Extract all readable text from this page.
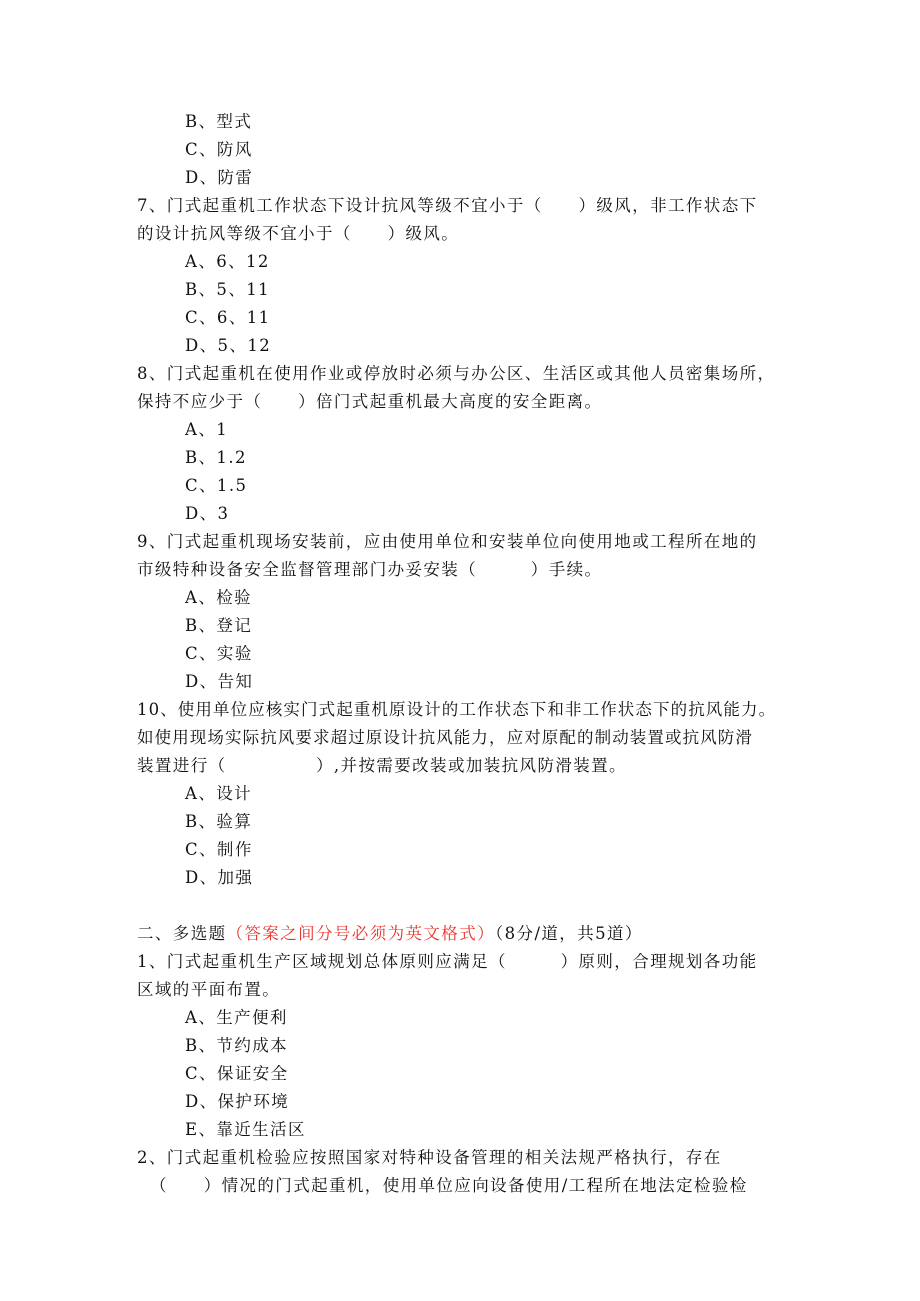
B、型式
C、防风
D、防雷
7、门式起重机工作状态下设计抗风等级不宜小于（　　）级风，非工作状态下
的设计抗风等级不宜小于（　　）级风。
A、6、12
B、5、11
C、6、11
D、5、12
8、门式起重机在使用作业或停放时必须与办公区、生活区或其他人员密集场所，
保持不应少于（　　）倍门式起重机最大高度的安全距离。
A、1
B、1.2
C、1.5
D、3
9、门式起重机现场安装前，应由使用单位和安装单位向使用地或工程所在地的
市级特种设备安全监督管理部门办妥安装（　　　）手续。
A、检验
B、登记
C、实验
D、告知
10、使用单位应核实门式起重机原设计的工作状态下和非工作状态下的抗风能力。
如使用现场实际抗风要求超过原设计抗风能力，应对原配的制动装置或抗风防滑
装置进行（　　　　　）,并按需要改装或加装抗风防滑装置。
A、设计
B、验算
C、制作
D、加强
二、多选题（答案之间分号必须为英文格式）（8分/道，共5道）
1、门式起重机生产区域规划总体原则应满足（　　　）原则，合理规划各功能
区域的平面布置。
A、生产便利
B、节约成本
C、保证安全
D、保护环境
E、靠近生活区
2、门式起重机检验应按照国家对特种设备管理的相关法规严格执行，存在
（　　）情况的门式起重机，使用单位应向设备使用/工程所在地法定检验检
